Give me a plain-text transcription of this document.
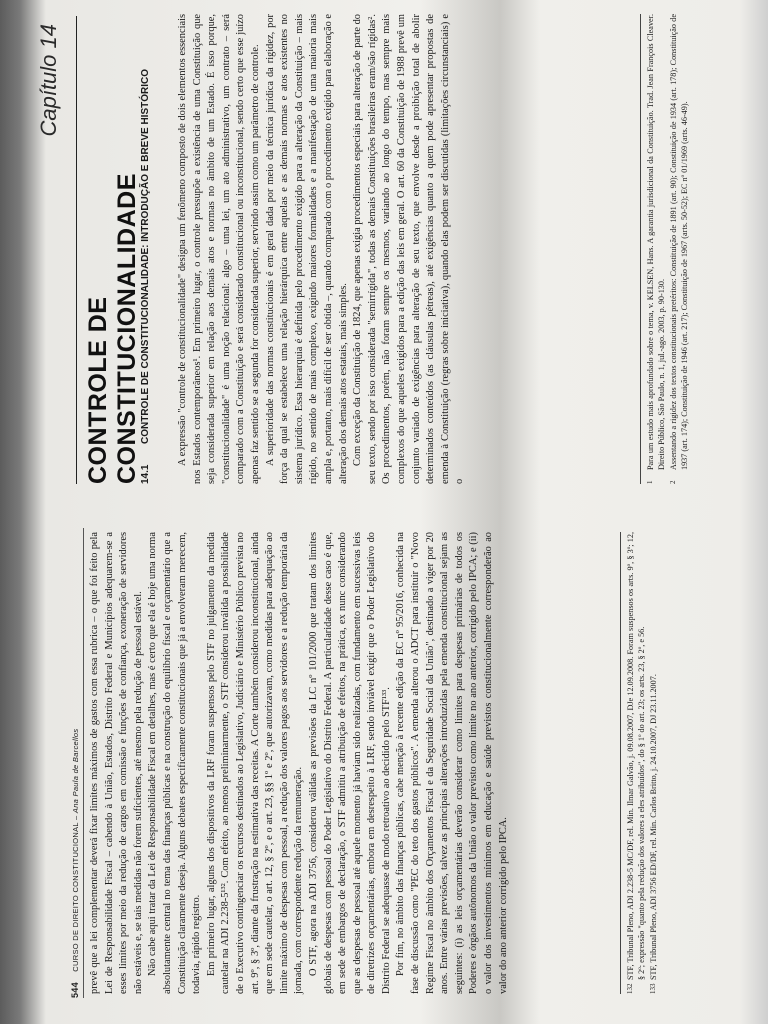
544 CURSO DE DIREITO CONSTITUCIONAL – Ana Paula de Barcellos prevê que a lei complementar deverá fixar limites máximos de gastos com essa rubrica – o que foi feito pela Lei de Responsabilidade Fiscal – cabendo à União, Estados, Distrito Federal e Municípios adequarem-se a esses limites por meio da redução de cargos em comissão e funções de confiança, exoneração de servidores não estáveis e, se tais medidas não forem suficientes, até mesmo pela redução de pessoal estável. Não cabe aqui tratar da Lei de Responsabilidade Fiscal em detalhes, mas é certo que ela é hoje uma norma absolutamente central no tema das finanças públicas e na construção do equilíbrio fiscal e orçamentário que a Constituição claramente deseja. Alguns debates especificamente constitucionais que já a envolveram merecem, todavia, rápido registro. Em primeiro lugar, alguns dos dispositivos da LRF foram suspensos pelo STF no julgamento da medida cautelar na ADI 2.238-5¹³². Com efeito, ao menos preliminarmente, o STF considerou inválida a possibilidade de o Executivo contingenciar os recursos destinados ao Legislativo, Judiciário e Ministério Público prevista no art. 9º, § 3º, diante da frustração na estimativa das receitas. A Corte também considerou inconstitucional, ainda que em sede cautelar, o art. 12, § 2º, e o art. 23, §§ 1º e 2º, que autorizavam, como medidas para adequação ao limite máximo de despesas com pessoal, a redução dos valores pagos aos servidores e a redução temporária da jornada, com correspondente redução da remuneração. O STF, agora na ADI 3756, considerou válidas as previsões da LC nº 101/2000 que tratam dos limites globais de despesas com pessoal do Poder Legislativo do Distrito Federal. A particularidade desse caso é que, em sede de embargos de declaração, o STF admitiu a atribuição de efeitos, na prática, ex nunc considerando que as despesas de pessoal até aquele momento já haviam sido realizadas, com fundamento em sucessivas leis de diretrizes orçamentárias, embora em desrespeito à LRF, sendo inviável exigir que o Poder Legislativo do Distrito Federal se adequasse de modo retroativo ao decidido pelo STF¹³³. Por fim, no âmbito das finanças públicas, cabe menção à recente edição da EC nº 95/2016, conhecida na fase de discussão como "PEC do teto dos gastos públicos". A emenda alterou o ADCT para instituir o "Novo Regime Fiscal no âmbito dos Orçamentos Fiscal e da Seguridade Social da União", destinado a viger por 20 anos. Entre várias previsões, talvez as principais alterações introduzidas pela emenda constitucional sejam as seguintes: (i) as leis orçamentárias deverão considerar como limites para despesas primárias de todos os Poderes e órgãos autônomos da União o valor previsto como limite no ano anterior, corrigido pelo IPCA; e (ii) o valor dos investimentos mínimos em educação e saúde previstos constitucionalmente corresponderão ao valor do ano anterior corrigido pelo IPCA.	132
STF, Tribunal Pleno, ADI 2.238-5 MC/DF, rel. Min. Ilmar Galvão, j. 09.08.2007, DJe 12.09.2008. Foram suspensos os arts. 9º, § 3º; 12, § 2º; expressão "quanto pela redução dos valores a eles atribuídos", do § 1º do art. 23; os arts. 23, § 2º, e 56.
133
STF, Tribunal Pleno, ADI 3756 ED/DF, rel. Min. Carlos Britto, j. 24.10.2007, DJ 23.11.2007.
Capítulo 14
CONTROLE DE CONSTITUCIONALIDADE 14.1
CONTROLE DE CONSTITUCIONALIDADE: INTRODUÇÃO E BREVE HISTÓRICO	A expressão "controle de constitucionalidade" designa um fenômeno composto de dois elementos essenciais nos Estados contemporâneos¹. Em primeiro lugar, o controle pressupõe a existência de uma Constituição que seja considerada superior em relação aos demais atos e normas no âmbito de um Estado. É isso porque, "constitucionalidade" é uma noção relacional: algo – uma lei, um ato administrativo, um contrato – será comparado com a Constituição e será considerado constitucional ou inconstitucional, sendo certo que esse juízo apenas faz sentido se a segunda for considerada superior, servindo assim como um parâmetro de controle. A superioridade das normas constitucionais é em geral dada por meio da técnica jurídica da rigidez, por força da qual se estabelece uma relação hierárquica entre aquelas e as demais normas e atos existentes no sistema jurídico. Essa hierarquia é definida pelo procedimento exigido para a alteração da Constituição – mais rígido, no sentido de mais complexo, exigindo maiores formalidades e a manifestação de uma maioria mais ampla e, portanto, mais difícil de ser obtida –, quando comparado com o procedimento exigido para elaboração e alteração dos demais atos estatais, mais simples. Com exceção da Constituição de 1824, que apenas exigia procedimentos especiais para alteração de parte do seu texto, sendo por isso considerada "semirrígida", todas as demais Constituições brasileiras eram/são rígidas². Os procedimentos, porém, não foram sempre os mesmos, variando ao longo do tempo, mas sempre mais complexos do que aqueles exigidos para a edição das leis em geral. O art. 60 da Constituição de 1988 prevê um conjunto variado de exigências para alteração de seu texto, que envolve desde a proibição total de abolir determinados conteúdos (as cláusulas pétreas), até exigências quanto a quem pode apresentar propostas de emenda à Constituição (regras sobre iniciativa), quando elas podem ser discutidas (limitações circunstanciais) e o	1
Para um estudo mais aprofundado sobre o tema, v. KELSEN, Hans. A garantia jurisdicional da Constituição. Trad. Jean François Cleaver. Direito Público, São Paulo, n. 1, jul.-ago. 2003, p. 90-130.
2
Assentando a rigidez dos textos constitucionais pretéritos: Constituição de 1891 (art. 90); Constituição de 1934 (art. 178); Constituição de 1937 (art. 174); Constituição de 1946 (art. 217); Constituição de 1967 (arts. 50-52); EC nº 01/1969 (arts. 46-49).
